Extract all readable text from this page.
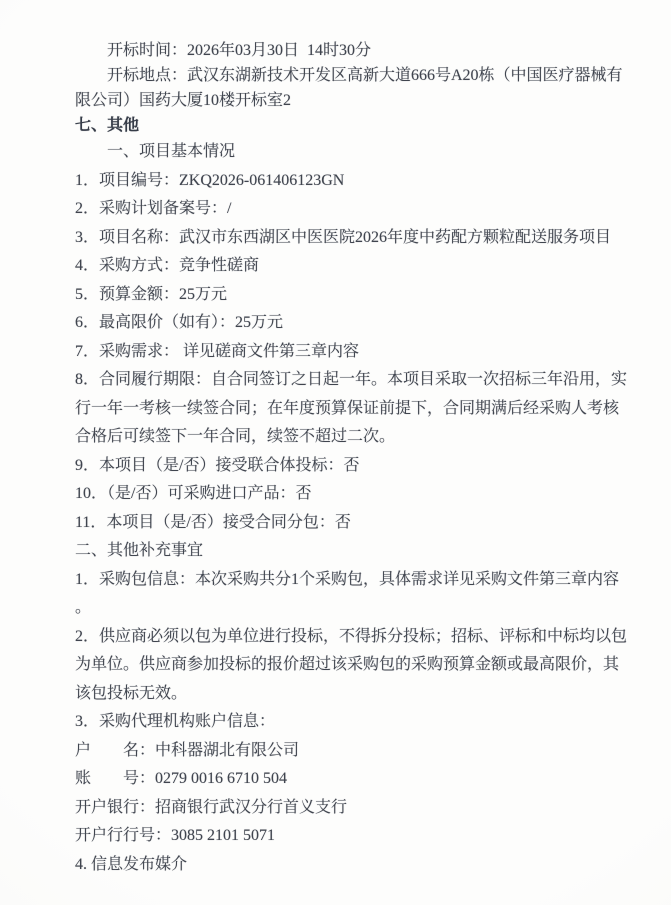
开标时间：2026年03月30日  14时30分
开标地点：武汉东湖新技术开发区高新大道666号A20栋（中国医疗器械有
限公司）国药大厦10楼开标室2
七、其他
一、项目基本情况
1．项目编号：ZKQ2026-061406123GN
2．采购计划备案号：/
3．项目名称：武汉市东西湖区中医医院2026年度中药配方颗粒配送服务项目
4．采购方式：竞争性磋商
5．预算金额：25万元
6．最高限价（如有）：25万元
7．采购需求： 详见磋商文件第三章内容
8．合同履行期限：自合同签订之日起一年。本项目采取一次招标三年沿用，实
行一年一考核一续签合同；在年度预算保证前提下，合同期满后经采购人考核
合格后可续签下一年合同，续签不超过二次。
9．本项目（是/否）接受联合体投标：否
10．（是/否）可采购进口产品：否
11．本项目（是/否）接受合同分包：否
二、其他补充事宜
1．采购包信息：本次采购共分1个采购包，具体需求详见采购文件第三章内容
。
2．供应商必须以包为单位进行投标，不得拆分投标；招标、评标和中标均以包
为单位。供应商参加投标的报价超过该采购包的采购预算金额或最高限价，其
该包投标无效。
3．采购代理机构账户信息：
户　　名：中科器湖北有限公司
账　　号：0279 0016 6710 504
开户银行：招商银行武汉分行首义支行
开户行行号：3085 2101 5071
4. 信息发布媒介
